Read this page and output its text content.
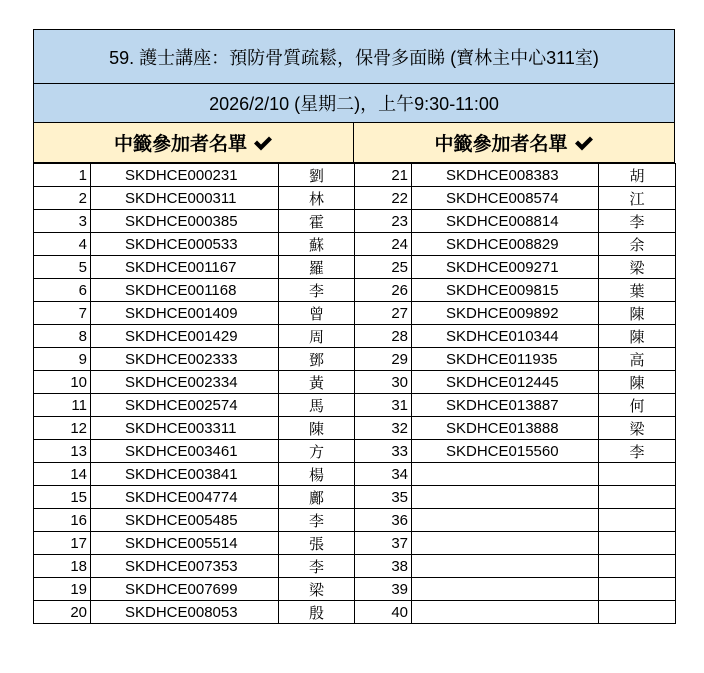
59. 護士講座：預防骨質疏鬆，保骨多面睇 (寶林主中心311室)
2026/2/10 (星期二)，上午9:30-11:00
中籤參加者名單	中籤參加者名單
1	SKDHCE000231	劉	21	SKDHCE008383	胡
2	SKDHCE000311	林	22	SKDHCE008574	江
3	SKDHCE000385	霍	23	SKDHCE008814	李
4	SKDHCE000533	蘇	24	SKDHCE008829	余
5	SKDHCE001167	羅	25	SKDHCE009271	梁
6	SKDHCE001168	李	26	SKDHCE009815	葉
7	SKDHCE001409	曾	27	SKDHCE009892	陳
8	SKDHCE001429	周	28	SKDHCE010344	陳
9	SKDHCE002333	鄧	29	SKDHCE011935	高
10	SKDHCE002334	黃	30	SKDHCE012445	陳
11	SKDHCE002574	馬	31	SKDHCE013887	何
12	SKDHCE003311	陳	32	SKDHCE013888	梁
13	SKDHCE003461	方	33	SKDHCE015560	李
14	SKDHCE003841	楊	34		
15	SKDHCE004774	鄺	35		
16	SKDHCE005485	李	36		
17	SKDHCE005514	張	37		
18	SKDHCE007353	李	38		
19	SKDHCE007699	梁	39		
20	SKDHCE008053	殷	40		
